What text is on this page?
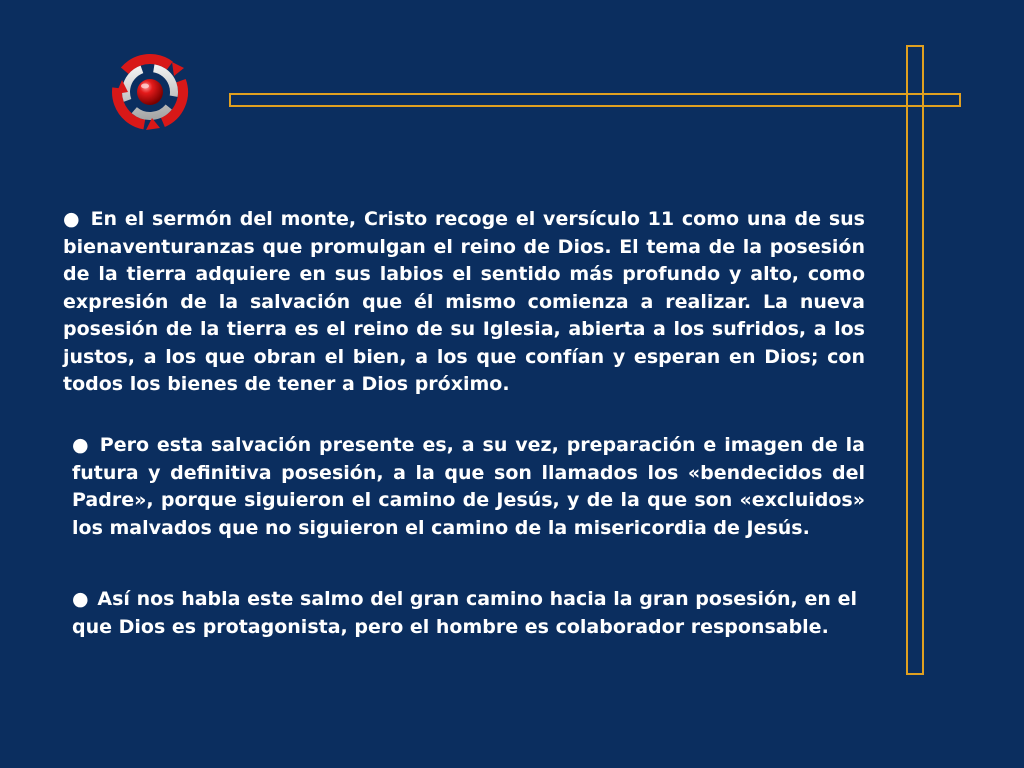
● En el sermón del monte, Cristo recoge el versículo 11 como una de sus bienaventuranzas que promulgan el reino de Dios. El tema de la posesión de la tierra adquiere en sus labios el sentido más profundo y alto, como expresión de la salvación que él mismo comienza a realizar. La nueva posesión de la tierra es el reino de su Iglesia, abierta a los sufridos, a los justos, a los que obran el bien, a los que confían y esperan en Dios; con todos los bienes de tener a Dios próximo.

● Pero esta salvación presente es, a su vez, preparación e imagen de la futura y definitiva posesión, a la que son llamados los «bendecidos del Padre», porque siguieron el camino de Jesús, y de la que son «excluidos» los malvados que no siguieron el camino de la misericordia de Jesús.

● Así nos habla este salmo del gran camino hacia la gran posesión, en el que Dios es protagonista, pero el hombre es colaborador responsable.
